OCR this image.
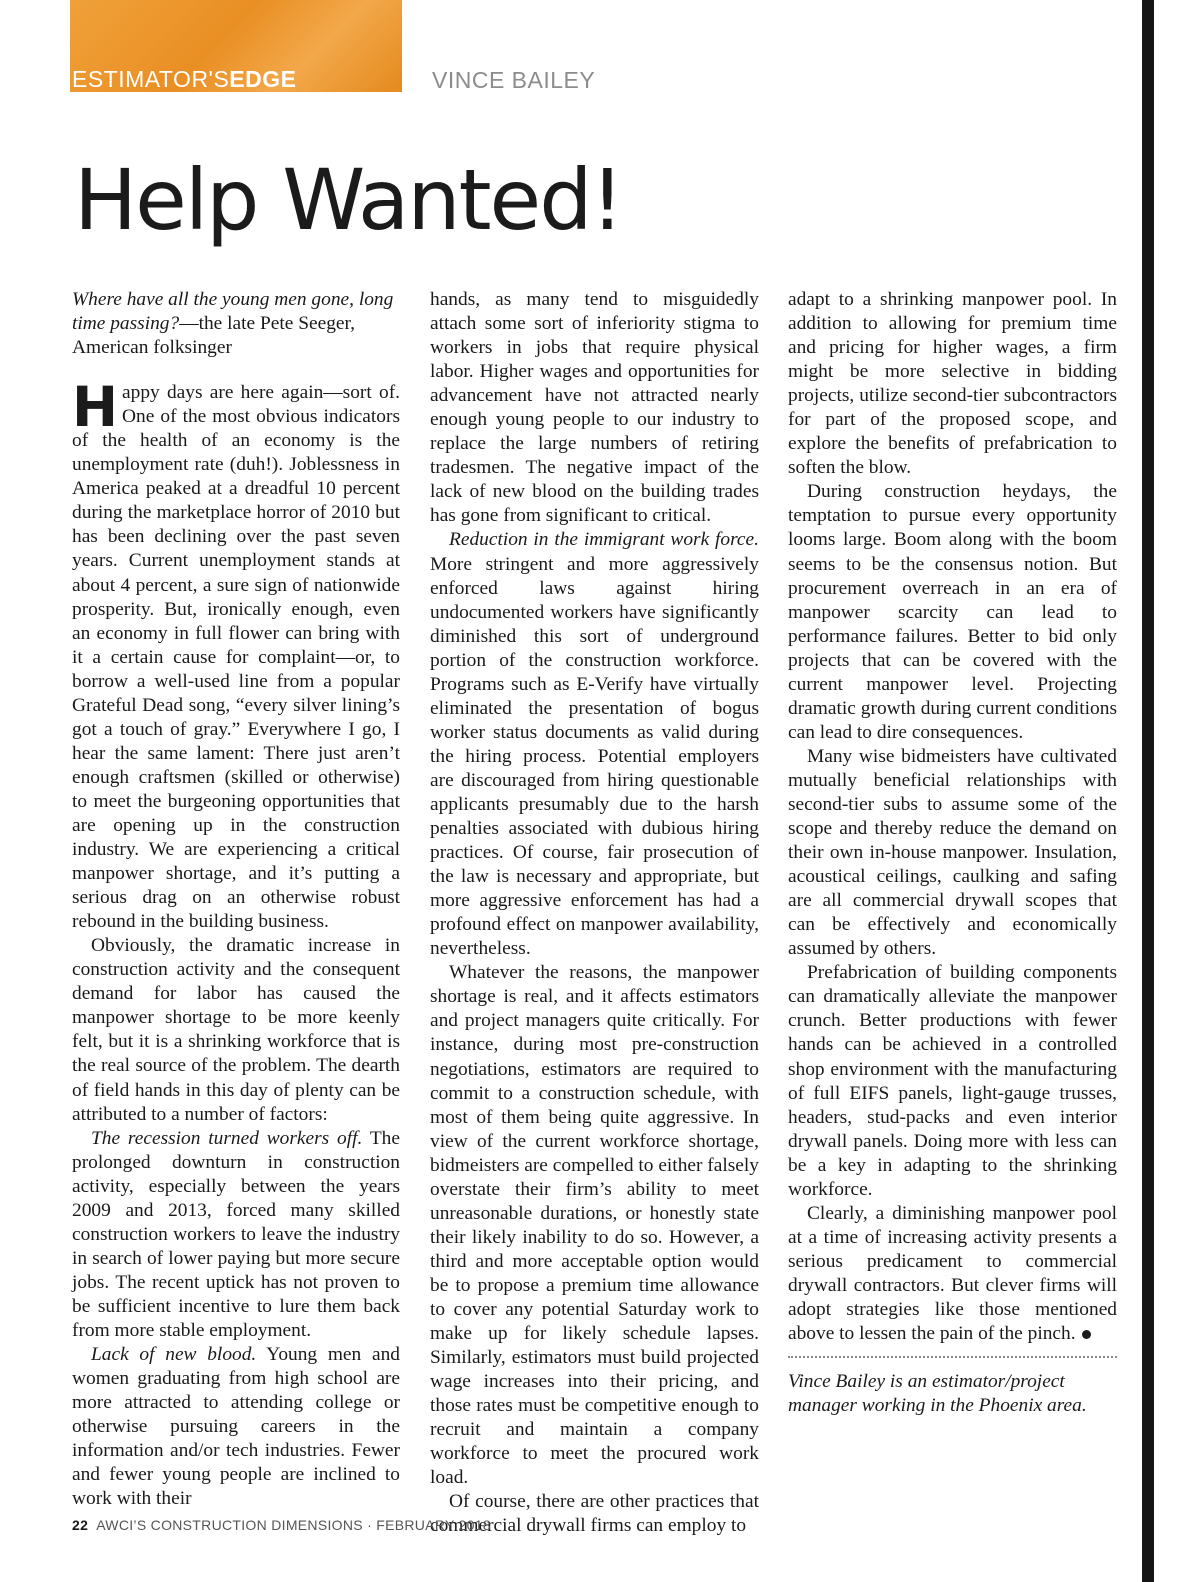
ESTIMATOR'SEDGE	VINCE BAILEY
Help Wanted!

Where have all the young men gone, long time passing?—the late Pete Seeger, American folksinger

Happy days are here again—sort of. One of the most obvious indicators of the health of an economy is the unemployment rate (duh!). Joblessness in America peaked at a dreadful 10 percent during the marketplace horror of 2010 but has been declining over the past seven years. Current unemployment stands at about 4 percent, a sure sign of nationwide prosperity. But, ironically enough, even an economy in full flower can bring with it a certain cause for complaint—or, to borrow a well-used line from a popular Grateful Dead song, “every silver lining’s got a touch of gray.” Everywhere I go, I hear the same lament: There just aren’t enough craftsmen (skilled or otherwise) to meet the burgeoning opportunities that are opening up in the construction industry. We are experiencing a critical manpower shortage, and it’s putting a serious drag on an otherwise robust rebound in the building business.

Obviously, the dramatic increase in construction activity and the consequent demand for labor has caused the manpower shortage to be more keenly felt, but it is a shrinking workforce that is the real source of the problem. The dearth of field hands in this day of plenty can be attributed to a number of factors:

The recession turned workers off. The prolonged downturn in construction activity, especially between the years 2009 and 2013, forced many skilled construction workers to leave the industry in search of lower paying but more secure jobs. The recent uptick has not proven to be sufficient incentive to lure them back from more stable employment.

Lack of new blood. Young men and women graduating from high school are more attracted to attending college or otherwise pursuing careers in the information and/or tech industries. Fewer and fewer young people are inclined to work with their

hands, as many tend to misguidedly attach some sort of inferiority stigma to workers in jobs that require physical labor. Higher wages and opportunities for advancement have not attracted nearly enough young people to our industry to replace the large numbers of retiring tradesmen. The negative impact of the lack of new blood on the building trades has gone from significant to critical.

Reduction in the immigrant work force. More stringent and more aggressively enforced laws against hiring undocumented workers have significantly diminished this sort of underground portion of the construction workforce. Programs such as E-Verify have virtually eliminated the presentation of bogus worker status documents as valid during the hiring process. Potential employers are discouraged from hiring questionable applicants presumably due to the harsh penalties associated with dubious hiring practices. Of course, fair prosecution of the law is necessary and appropriate, but more aggressive enforcement has had a profound effect on manpower availability, nevertheless.

Whatever the reasons, the manpower shortage is real, and it affects estimators and project managers quite critically. For instance, during most pre-construction negotiations, estimators are required to commit to a construction schedule, with most of them being quite aggressive. In view of the current workforce shortage, bidmeisters are compelled to either falsely overstate their firm’s ability to meet unreasonable durations, or honestly state their likely inability to do so. However, a third and more acceptable option would be to propose a premium time allowance to cover any potential Saturday work to make up for likely schedule lapses. Similarly, estimators must build projected wage increases into their pricing, and those rates must be competitive enough to recruit and maintain a company workforce to meet the procured work load.

Of course, there are other practices that commercial drywall firms can employ to

adapt to a shrinking manpower pool. In addition to allowing for premium time and pricing for higher wages, a firm might be more selective in bidding projects, utilize second-tier subcontractors for part of the proposed scope, and explore the benefits of prefabrication to soften the blow.

During construction heydays, the temptation to pursue every opportunity looms large. Boom along with the boom seems to be the consensus notion. But procurement overreach in an era of manpower scarcity can lead to performance failures. Better to bid only projects that can be covered with the current manpower level. Projecting dramatic growth during current conditions can lead to dire consequences.

Many wise bidmeisters have cultivated mutually beneficial relationships with second-tier subs to assume some of the scope and thereby reduce the demand on their own in-house manpower. Insulation, acoustical ceilings, caulking and safing are all commercial drywall scopes that can be effectively and economically assumed by others.

Prefabrication of building components can dramatically alleviate the manpower crunch. Better productions with fewer hands can be achieved in a controlled shop environment with the manufacturing of full EIFS panels, light-gauge trusses, headers, stud-packs and even interior drywall panels. Doing more with less can be a key in adapting to the shrinking workforce.

Clearly, a diminishing manpower pool at a time of increasing activity presents a serious predicament to commercial drywall contractors. But clever firms will adopt strategies like those mentioned above to lessen the pain of the pinch.

Vince Bailey is an estimator/project manager working in the Phoenix area.

22 AWCI’S CONSTRUCTION DIMENSIONS · FEBRUARY 2018
